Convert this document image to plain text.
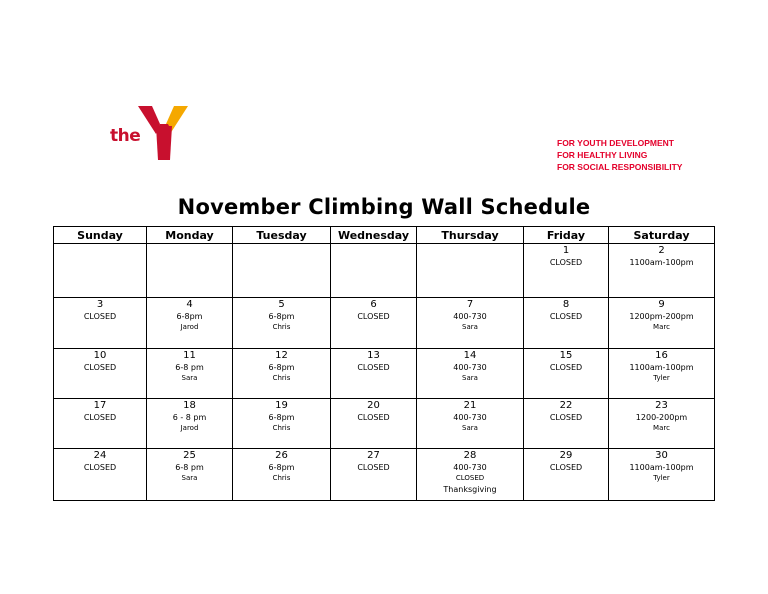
the	FOR YOUTH DEVELOPMENT
FOR HEALTHY LIVING
FOR SOCIAL RESPONSIBILITY
November Climbing Wall Schedule
Sunday	Monday	Tuesday	Wednesday	Thursday	Friday	Saturday

					1
CLOSED	2
1100am-100pm

3
CLOSED	4
6-8pm
Jarod	5
6-8pm
Chris	6
CLOSED	7
400-730
Sara	8
CLOSED	9
1200pm-200pm
Marc

10
CLOSED	11
6-8 pm
Sara	12
6-8pm
Chris	13
CLOSED	14
400-730
Sara	15
CLOSED	16
1100am-100pm
Tyler

17
CLOSED	18
6 - 8 pm
Jarod	19
6-8pm
Chris	20
CLOSED	21
400-730
Sara	22
CLOSED	23
1200-200pm
Marc

24
CLOSED	25
6-8 pm
Sara	26
6-8pm
Chris	27
CLOSED	28
400-730
CLOSED
Thanksgiving	29
CLOSED	30
1100am-100pm
Tyler
